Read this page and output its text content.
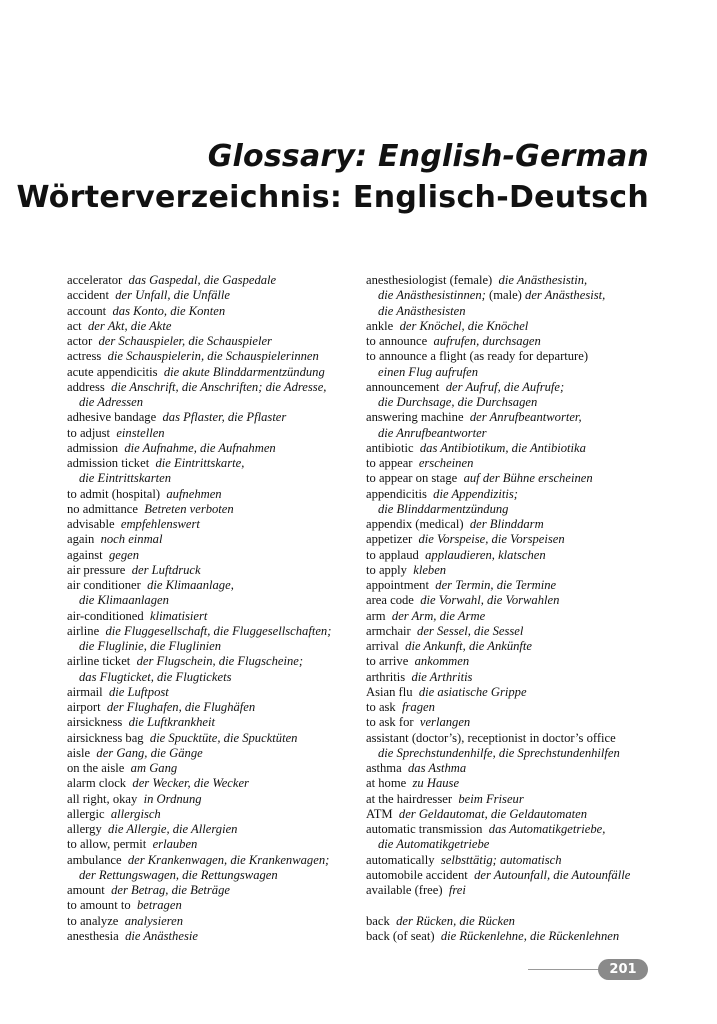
Glossary: English-German
Wörterverzeichnis: Englisch-Deutsch
accelerator  das Gaspedal, die Gaspedale
accident  der Unfall, die Unfälle
account  das Konto, die Konten
act  der Akt, die Akte
actor  der Schauspieler, die Schauspieler
actress  die Schauspielerin, die Schauspielerinnen
acute appendicitis  die akute Blinddarmentzündung
address  die Anschrift, die Anschriften; die Adresse,
die Adressen
adhesive bandage  das Pflaster, die Pflaster
to adjust  einstellen
admission  die Aufnahme, die Aufnahmen
admission ticket  die Eintrittskarte,
die Eintrittskarten
to admit (hospital)  aufnehmen
no admittance  Betreten verboten
advisable  empfehlenswert
again  noch einmal
against  gegen
air pressure  der Luftdruck
air conditioner  die Klimaanlage,
die Klimaanlagen
air-conditioned  klimatisiert
airline  die Fluggesellschaft, die Fluggesellschaften;
die Fluglinie, die Fluglinien
airline ticket  der Flugschein, die Flugscheine;
das Flugticket, die Flugtickets
airmail  die Luftpost
airport  der Flughafen, die Flughäfen
airsickness  die Luftkrankheit
airsickness bag  die Spucktüte, die Spucktüten
aisle  der Gang, die Gänge
on the aisle  am Gang
alarm clock  der Wecker, die Wecker
all right, okay  in Ordnung
allergic  allergisch
allergy  die Allergie, die Allergien
to allow, permit  erlauben
ambulance  der Krankenwagen, die Krankenwagen;
der Rettungswagen, die Rettungswagen
amount  der Betrag, die Beträge
to amount to  betragen
to analyze  analysieren
anesthesia  die Anästhesie
anesthesiologist (female)  die Anästhesistin,
die Anästhesistinnen; (male) der Anästhesist,
die Anästhesisten
ankle  der Knöchel, die Knöchel
to announce  aufrufen, durchsagen
to announce a flight (as ready for departure)
einen Flug aufrufen
announcement  der Aufruf, die Aufrufe;
die Durchsage, die Durchsagen
answering machine  der Anrufbeantworter,
die Anrufbeantworter
antibiotic  das Antibiotikum, die Antibiotika
to appear  erscheinen
to appear on stage  auf der Bühne erscheinen
appendicitis  die Appendizitis;
die Blinddarmentzündung
appendix (medical)  der Blinddarm
appetizer  die Vorspeise, die Vorspeisen
to applaud  applaudieren, klatschen
to apply  kleben
appointment  der Termin, die Termine
area code  die Vorwahl, die Vorwahlen
arm  der Arm, die Arme
armchair  der Sessel, die Sessel
arrival  die Ankunft, die Ankünfte
to arrive  ankommen
arthritis  die Arthritis
Asian flu  die asiatische Grippe
to ask  fragen
to ask for  verlangen
assistant (doctor’s), receptionist in doctor’s office
die Sprechstundenhilfe, die Sprechstundenhilfen
asthma  das Asthma
at home  zu Hause
at the hairdresser  beim Friseur
ATM  der Geldautomat, die Geldautomaten
automatic transmission  das Automatikgetriebe,
die Automatikgetriebe
automatically  selbsttätig; automatisch
automobile accident  der Autounfall, die Autounfälle
available (free)  frei
back  der Rücken, die Rücken
back (of seat)  die Rückenlehne, die Rückenlehnen
201
